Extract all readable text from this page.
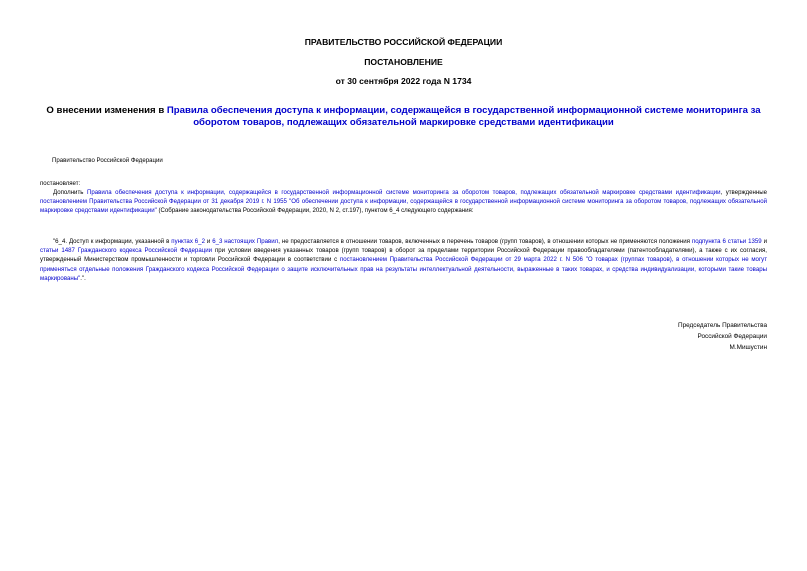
ПРАВИТЕЛЬСТВО РОССИЙСКОЙ ФЕДЕРАЦИИ
ПОСТАНОВЛЕНИЕ
от 30 сентября 2022 года N 1734
О внесении изменения в Правила обеспечения доступа к информации, содержащейся в государственной информационной системе мониторинга за оборотом товаров, подлежащих обязательной маркировке средствами идентификации
Правительство Российской Федерации
постановляет:
Дополнить Правила обеспечения доступа к информации, содержащейся в государственной информационной системе мониторинга за оборотом товаров, подлежащих обязательной маркировке средствами идентификации, утвержденные постановлением Правительства Российской Федерации от 31 декабря 2019 г. N 1955 "Об обеспечении доступа к информации, содержащейся в государственной информационной системе мониторинга за оборотом товаров, подлежащих обязательной маркировке средствами идентификации" (Собрание законодательства Российской Федерации, 2020, N 2, ст.197), пунктом 6_4 следующего содержания:
"6_4. Доступ к информации, указанной в пунктах 6_2 и 6_3 настоящих Правил, не предоставляется в отношении товаров, включенных в перечень товаров (групп товаров), в отношении которых не применяются положения подпункта 6 статьи 1359 и статьи 1487 Гражданского кодекса Российской Федерации при условии введения указанных товаров (групп товаров) в оборот за пределами территории Российской Федерации правообладателями (патентообладателями), а также с их согласия, утвержденный Министерством промышленности и торговли Российской Федерации в соответствии с постановлением Правительства Российской Федерации от 29 марта 2022 г. N 506 "О товарах (группах товаров), в отношении которых не могут применяться отдельные положения Гражданского кодекса Российской Федерации о защите исключительных прав на результаты интеллектуальной деятельности, выраженные в таких товарах, и средства индивидуализации, которыми такие товары маркированы".".
Председатель Правительства
Российской Федерации
М.Мишустин
